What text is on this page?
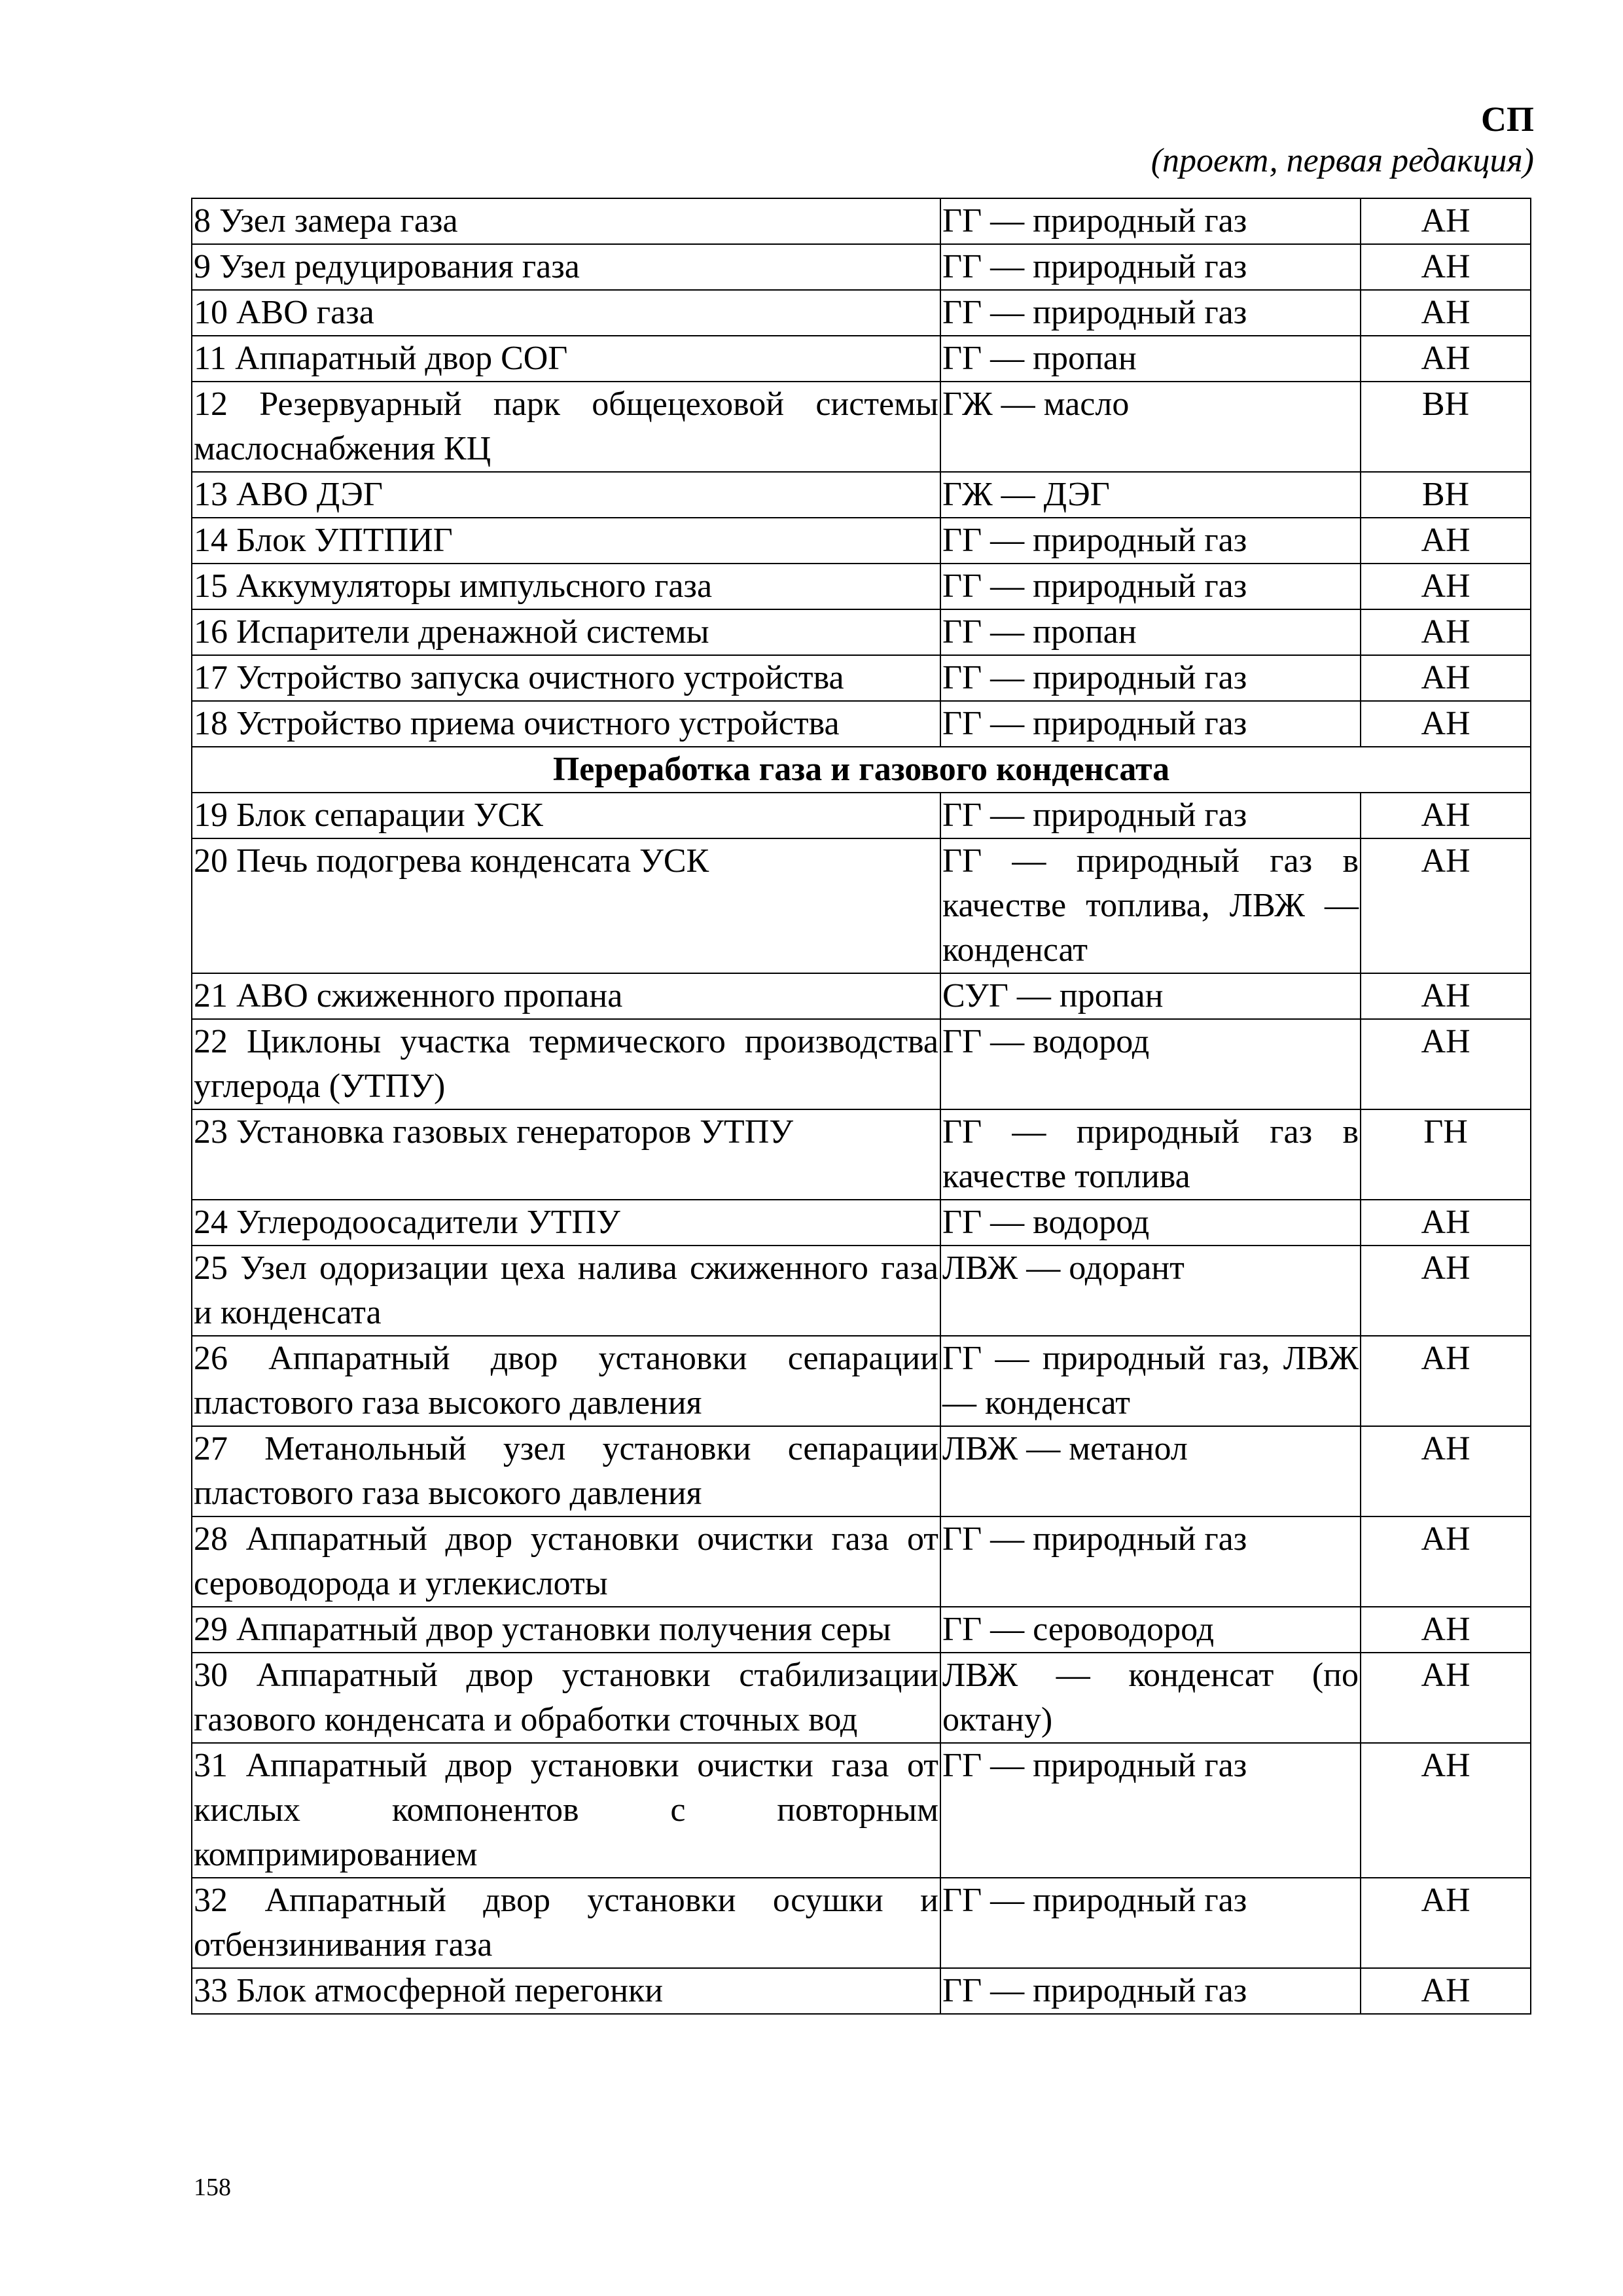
СП
(проект, первая редакция)
8 Узел замера газа	ГГ — природный газ	АН
9 Узел редуцирования газа	ГГ — природный газ	АН
10 АВО газа	ГГ — природный газ	АН
11 Аппаратный двор СОГ	ГГ — пропан	АН
12 Резервуарный парк общецеховой системы маслоснабжения КЦ	ГЖ — масло	ВН
13 АВО ДЭГ	ГЖ — ДЭГ	ВН
14 Блок УПТПИГ	ГГ — природный газ	АН
15 Аккумуляторы импульсного газа	ГГ — природный газ	АН
16 Испарители дренажной системы	ГГ — пропан	АН
17 Устройство запуска очистного устройства	ГГ — природный газ	АН
18 Устройство приема очистного устройства	ГГ — природный газ	АН
Переработка газа и газового конденсата		
19 Блок сепарации УСК	ГГ — природный газ	АН
20 Печь подогрева конденсата УСК	ГГ — природный газ в качестве топлива, ЛВЖ — конденсат	АН
21 АВО сжиженного пропана	СУГ — пропан	АН
22 Циклоны участка термического производства углерода (УТПУ)	ГГ — водород	АН
23 Установка газовых генераторов УТПУ	ГГ — природный газ в качестве топлива	ГН
24 Углеродоосадители УТПУ	ГГ — водород	АН
25 Узел одоризации цеха налива сжиженного газа и конденсата	ЛВЖ — одорант	АН
26 Аппаратный двор установки сепарации пластового газа высокого давления	ГГ — природный газ, ЛВЖ — конденсат	АН
27 Метанольный узел установки сепарации пластового газа высокого давления	ЛВЖ — метанол	АН
28 Аппаратный двор установки очистки газа от сероводорода и углекислоты	ГГ — природный газ	АН
29 Аппаратный двор установки получения серы	ГГ — сероводород	АН
30 Аппаратный двор установки стабилизации газового конденсата и обработки сточных вод	ЛВЖ — конденсат (по октану)	АН
31 Аппаратный двор установки очистки газа от кислых компонентов с повторным компримированием	ГГ — природный газ	АН
32 Аппаратный двор установки осушки и отбензинивания газа	ГГ — природный газ	АН
33 Блок атмосферной перегонки	ГГ — природный газ	АН
158
